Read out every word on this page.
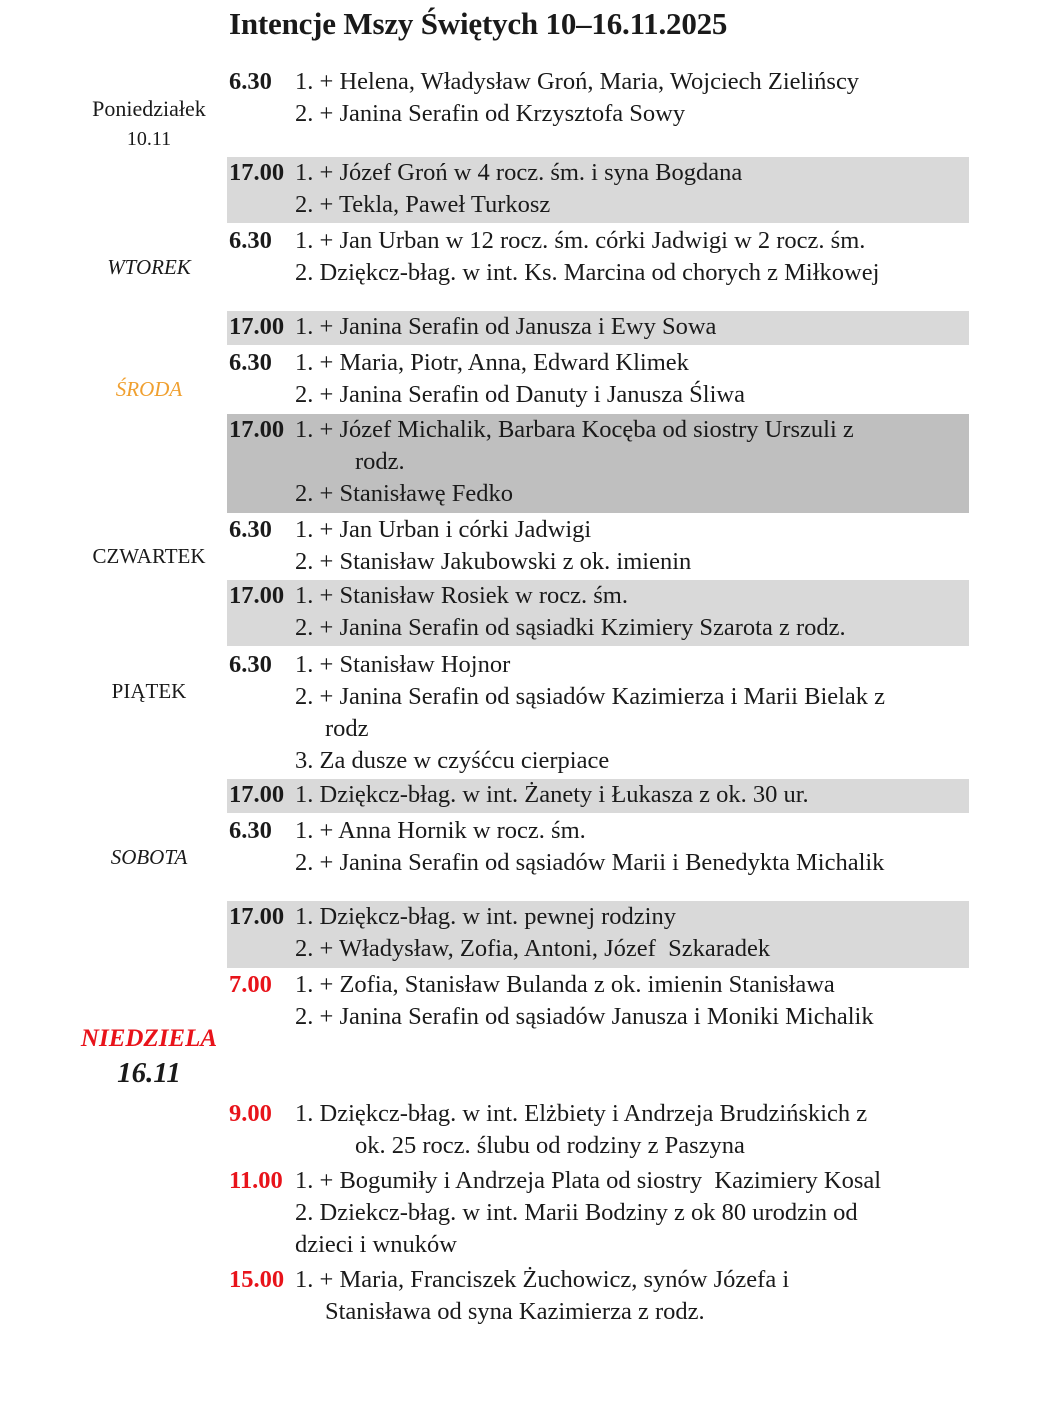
Intencje Mszy Świętych 10–16.11.2025
Poniedziałek
10.11
WTOREK
ŚRODA
CZWARTEK
PIĄTEK
SOBOTA
NIEDZIELA
16.11
6.30 1. + Helena, Władysław Groń, Maria, Wojciech Zielińscy
2. + Janina Serafin od Krzysztofa Sowy
17.00 1. + Józef Groń w 4 rocz. śm. i syna Bogdana
2. + Tekla, Paweł Turkosz
6.30 1. + Jan Urban w 12 rocz. śm. córki Jadwigi w 2 rocz. śm.
2. Dziękcz-błag. w int. Ks. Marcina od chorych z Miłkowej
17.00 1. + Janina Serafin od Janusza i Ewy Sowa
6.30 1. + Maria, Piotr, Anna, Edward Klimek
2. + Janina Serafin od Danuty i Janusza Śliwa
17.00 1. + Józef Michalik, Barbara Kocęba od siostry Urszuli z
rodz.
2. + Stanisławę Fedko
6.30 1. + Jan Urban i córki Jadwigi
2. + Stanisław Jakubowski z ok. imienin
17.00 1. + Stanisław Rosiek w rocz. śm.
2. + Janina Serafin od sąsiadki Kzimiery Szarota z rodz.
6.30 1. + Stanisław Hojnor
2. + Janina Serafin od sąsiadów Kazimierza i Marii Bielak z
rodz
3. Za dusze w czyśćcu cierpiace
17.00 1. Dziękcz-błag. w int. Żanety i Łukasza z ok. 30 ur.
6.30 1. + Anna Hornik w rocz. śm.
2. + Janina Serafin od sąsiadów Marii i Benedykta Michalik
17.00 1. Dziękcz-błag. w int. pewnej rodziny
2. + Władysław, Zofia, Antoni, Józef  Szkaradek
7.00 1. + Zofia, Stanisław Bulanda z ok. imienin Stanisława
2. + Janina Serafin od sąsiadów Janusza i Moniki Michalik
9.00 1. Dziękcz-błag. w int. Elżbiety i Andrzeja Brudzińskich z
ok. 25 rocz. ślubu od rodziny z Paszyna
11.00 1. + Bogumiły i Andrzeja Plata od siostry  Kazimiery Kosal
2. Dziekcz-błag. w int. Marii Bodziny z ok 80 urodzin od
dzieci i wnuków
15.00 1. + Maria, Franciszek Żuchowicz, synów Józefa i
Stanisława od syna Kazimierza z rodz.
